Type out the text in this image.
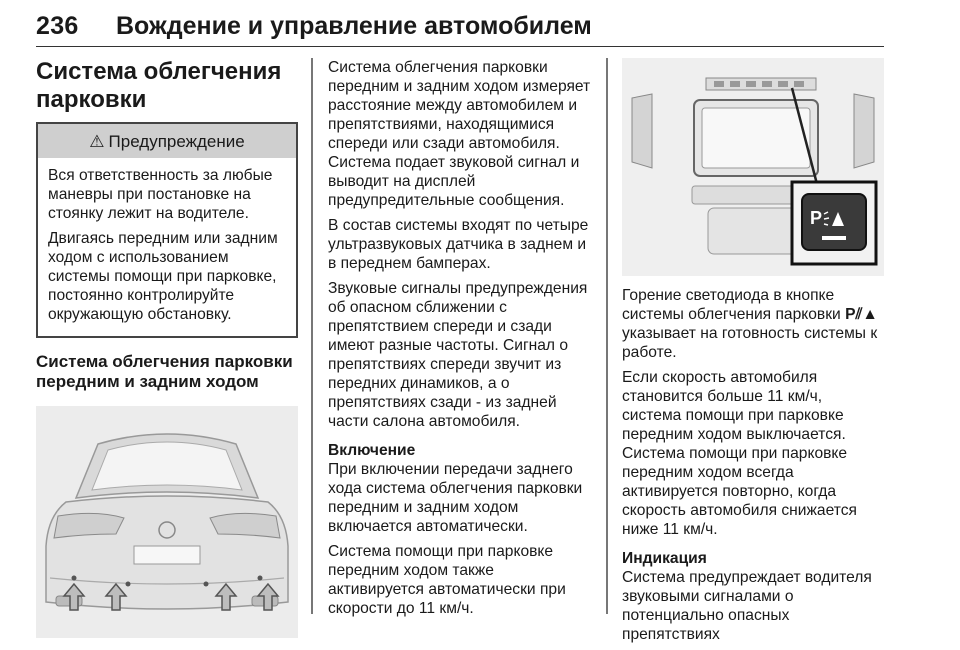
236 Вождение и управление автомобилем
Система облегчения
парковки
⚠ Предупреждение

Вся ответственность за любые маневры при постановке на стоянку лежит на водителе.

Двигаясь передним или задним ходом с использованием системы помощи при парковке, постоянно контролируйте окружающую обстановку.

Система облегчения парковки передним и задним ходом

Система облегчения парковки передним и задним ходом измеряет расстояние между автомобилем и препятствиями, находящимися спереди или сзади автомобиля. Система подает звуковой сигнал и выводит на дисплей предупредительные сообщения.

В состав системы входят по четыре ультразвуковых датчика в заднем и в переднем бамперах.

Звуковые сигналы предупреждения об опасном сближении с препятствием спереди и сзади имеют разные частоты. Сигнал о препятствиях спереди звучит из передних динамиков, а о препятствиях сзади - из задней части салона автомобиля.

Включение

При включении передачи заднего хода система облегчения парковки передним и задним ходом включается автоматически.

Система помощи при парковке передним ходом также активируется автоматически при скорости до 11 км/ч.

P

Горение светодиода в кнопке системы облегчения парковки P⫽▲ указывает на готовность системы к работе.

Если скорость автомобиля становится больше 11 км/ч, система помощи при парковке передним ходом выключается. Система помощи при парковке передним ходом всегда активируется повторно, когда скорость автомобиля снижается ниже 11 км/ч.

Индикация

Система предупреждает водителя звуковыми сигналами о потенциально опасных препятствиях
